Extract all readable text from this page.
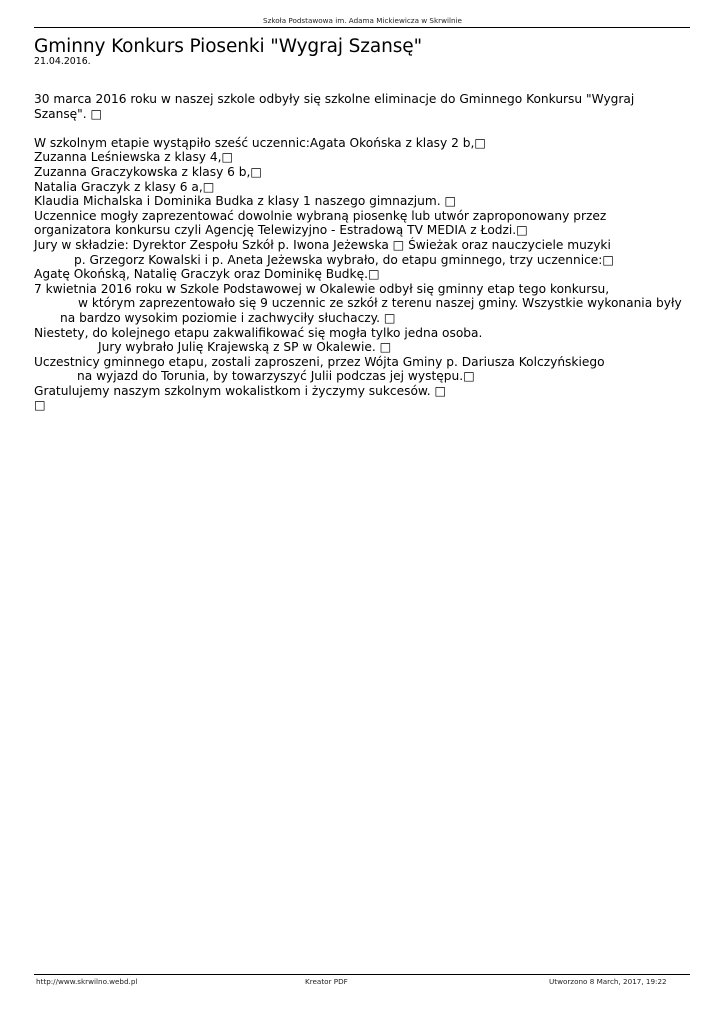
Szkoła Podstawowa im. Adama Mickiewicza w Skrwilnie
Gminny Konkurs Piosenki "Wygraj Szansę"
21.04.2016.

30 marca 2016 roku w naszej szkole odbyły się szkolne eliminacje do Gminnego Konkursu "Wygraj

Szansę". □

W szkolnym etapie wystąpiło sześć uczennic:Agata Okońska z klasy 2 b,□

Zuzanna Leśniewska z klasy 4,□

Zuzanna Graczykowska z klasy 6 b,□

Natalia Graczyk z klasy 6 a,□

Klaudia Michalska i Dominika Budka z klasy 1 naszego gimnazjum. □

Uczennice mogły zaprezentować dowolnie wybraną piosenkę lub utwór zaproponowany przez

organizatora konkursu czyli Agencję Telewizyjno - Estradową TV MEDIA z Łodzi.□

Jury w składzie: Dyrektor Zespołu Szkół p. Iwona Jeżewska □ Świeżak oraz nauczyciele muzyki

p. Grzegorz Kowalski i p. Aneta Jeżewska wybrało, do etapu gminnego, trzy uczennice:□

Agatę Okońską, Natalię Graczyk oraz Dominikę Budkę.□

7 kwietnia 2016 roku w Szkole Podstawowej w Okalewie odbył się gminny etap tego konkursu,

w którym zaprezentowało się 9 uczennic ze szkół z terenu naszej gminy. Wszystkie wykonania były

na bardzo wysokim poziomie i zachwyciły słuchaczy. □

Niestety, do kolejnego etapu zakwalifikować się mogła tylko jedna osoba.

Jury wybrało Julię Krajewską z SP w Okalewie. □

Uczestnicy gminnego etapu, zostali zaproszeni, przez Wójta Gminy p. Dariusza Kolczyńskiego

na wyjazd do Torunia, by towarzyszyć Julii podczas jej występu.□

Gratulujemy naszym szkolnym wokalistkom i życzymy sukcesów. □

□

http://www.skrwilno.webd.pl	Kreator PDF	Utworzono 8 March, 2017, 19:22
